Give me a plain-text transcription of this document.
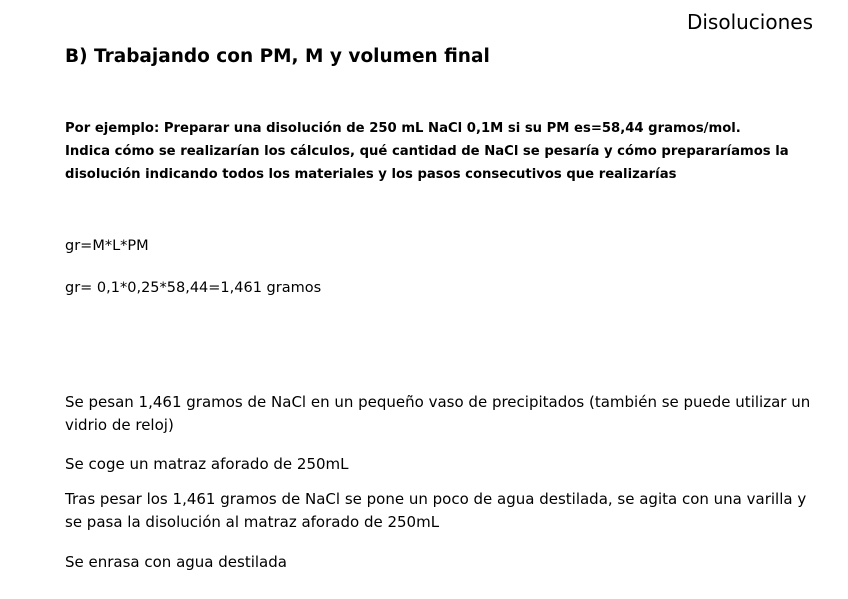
Disoluciones
B) Trabajando con PM, M y volumen final

Por ejemplo: Preparar una disolución de 250 mL NaCl 0,1M si su PM es=58,44 gramos/mol.

Indica cómo se realizarían los cálculos, qué cantidad de NaCl se pesaría y cómo prepararíamos la

disolución indicando todos los materiales y los pasos consecutivos que realizarías

gr=M*L*PM
gr= 0,1*0,25*58,44=1,461 gramos
Se pesan 1,461 gramos de NaCl en un pequeño vaso de precipitados (también se puede utilizar un vidrio de reloj)
Se coge un matraz aforado de 250mL
Tras pesar los 1,461 gramos de NaCl se pone un poco de agua destilada, se agita con una varilla y se pasa la disolución al matraz aforado de 250mL
Se enrasa con agua destilada
